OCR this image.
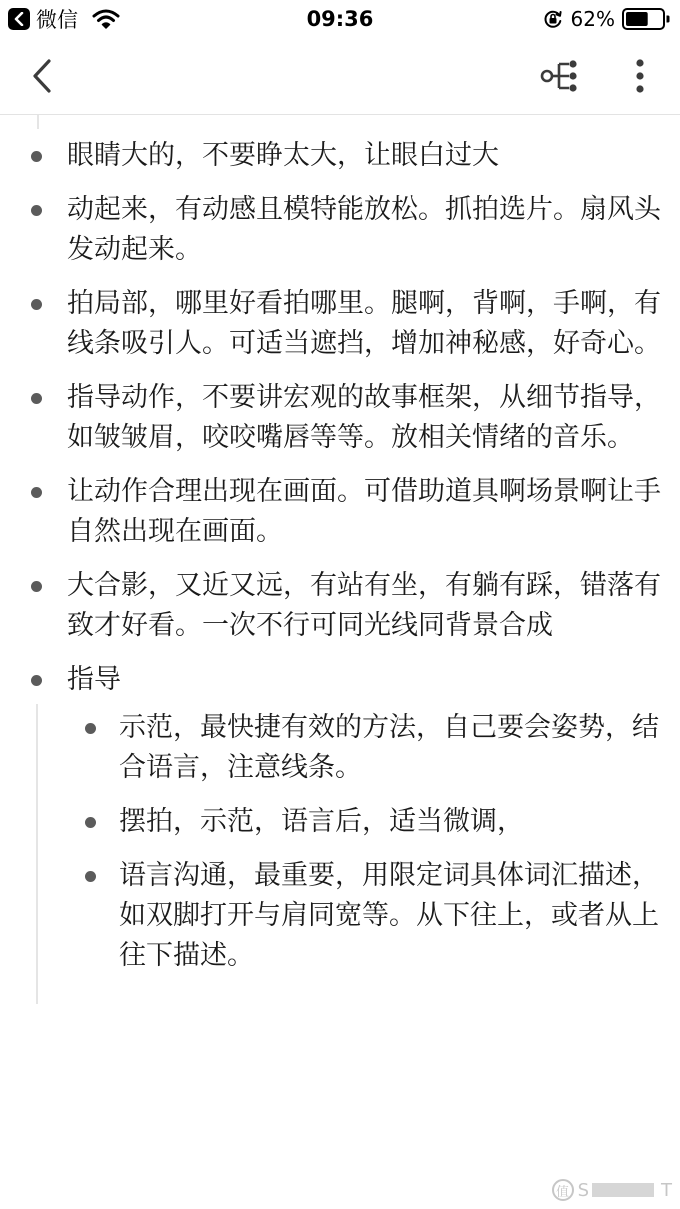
微信	09:36	62%
眼睛大的，不要睁太大，让眼白过大
动起来，有动感且模特能放松。抓拍选片。扇风头发动起来。
拍局部，哪里好看拍哪里。腿啊，背啊，手啊，有线条吸引人。可适当遮挡，增加神秘感，好奇心。
指导动作，不要讲宏观的故事框架，从细节指导，如皱皱眉，咬咬嘴唇等等。放相关情绪的音乐。
让动作合理出现在画面。可借助道具啊场景啊让手自然出现在画面。
大合影，又近又远，有站有坐，有躺有踩，错落有致才好看。一次不行可同光线同背景合成
指导
示范，最快捷有效的方法，自己要会姿势，结合语言，注意线条。
摆拍，示范，语言后，适当微调，
语言沟通，最重要，用限定词具体词汇描述，如双脚打开与肩同宽等。从下往上，或者从上往下描述。
值 S	T
